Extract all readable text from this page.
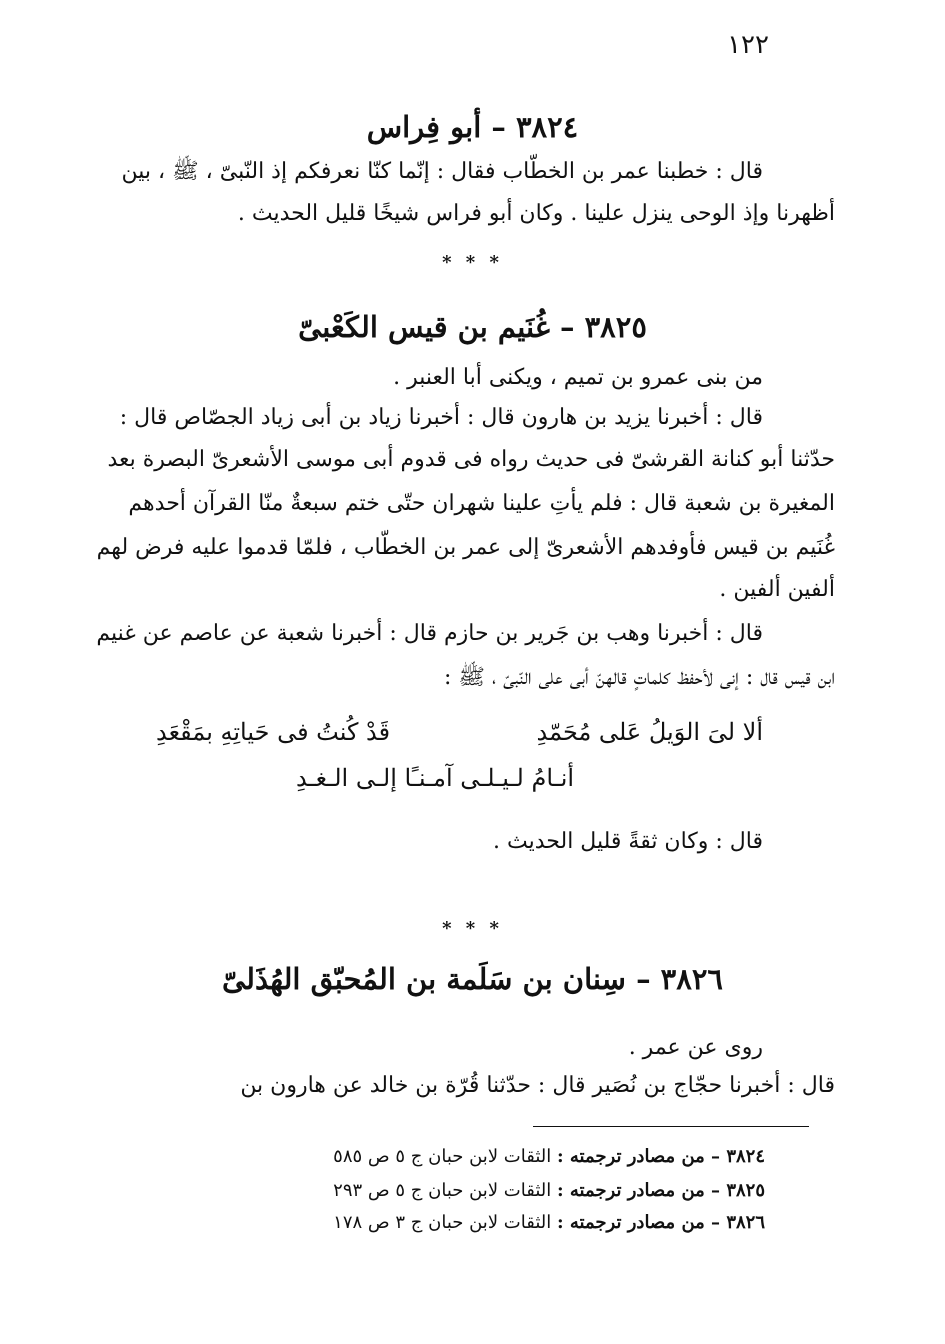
١٢٢
٣٨٢٤ – أبو فِراس
قال : خطبنا عمر بن الخطّاب فقال : إنّما كنّا نعرفكم إذ النّبىّ ، ﷺ ، بين
أظهرنا وإذ الوحى ينزل علينا . وكان أبو فراس شيخًا قليل الحديث .
* * *
٣٨٢٥ – غُنَيم بن قيس الكَعْبىّ
من بنى عمرو بن تميم ، ويكنى أبا العنبر .
قال : أخبرنا يزيد بن هارون قال : أخبرنا زياد بن أبى زياد الجصّاص قال :
حدّثنا أبو كنانة القرشىّ فى حديث رواه فى قدوم أبى موسى الأشعرىّ البصرة بعد
المغيرة بن شعبة قال : فلم يأتِ علينا شهران حتّى ختم سبعةٌ منّا القرآن أحدهم
غُنَيم بن قيس فأوفدهم الأشعرىّ إلى عمر بن الخطّاب ، فلمّا قدموا عليه فرض لهم
ألفين ألفين .
قال : أخبرنا وهب بن جَرير بن حازم قال : أخبرنا شعبة عن عاصم عن غنيم
ابن قيس قال : إنى لأحفظ كلماتٍ قالهنّ أبى على النّبىّ ، ﷺ :
ألا لىَ الوَيلُ عَلى مُحَمّدِ
قَدْ كُنتُ فى حَياتِهِ بمَقْعَدِ
أنـامُ لـيـلـى آمـنـًا إلـى الـغـدِ
قال : وكان ثقةً قليل الحديث .
* * *
٣٨٢٦ – سِنان بن سَلَمة بن المُحبّق الهُذَلىّ
روى عن عمر .
قال : أخبرنا حجّاج بن نُصَير قال : حدّثنا قُرّة بن خالد عن هارون بن
٣٨٢٤ – من مصادر ترجمته : الثقات لابن حبان ج ٥ ص ٥٨٥
٣٨٢٥ – من مصادر ترجمته : الثقات لابن حبان ج ٥ ص ٢٩٣
٣٨٢٦ – من مصادر ترجمته : الثقات لابن حبان ج ٣ ص ١٧٨
